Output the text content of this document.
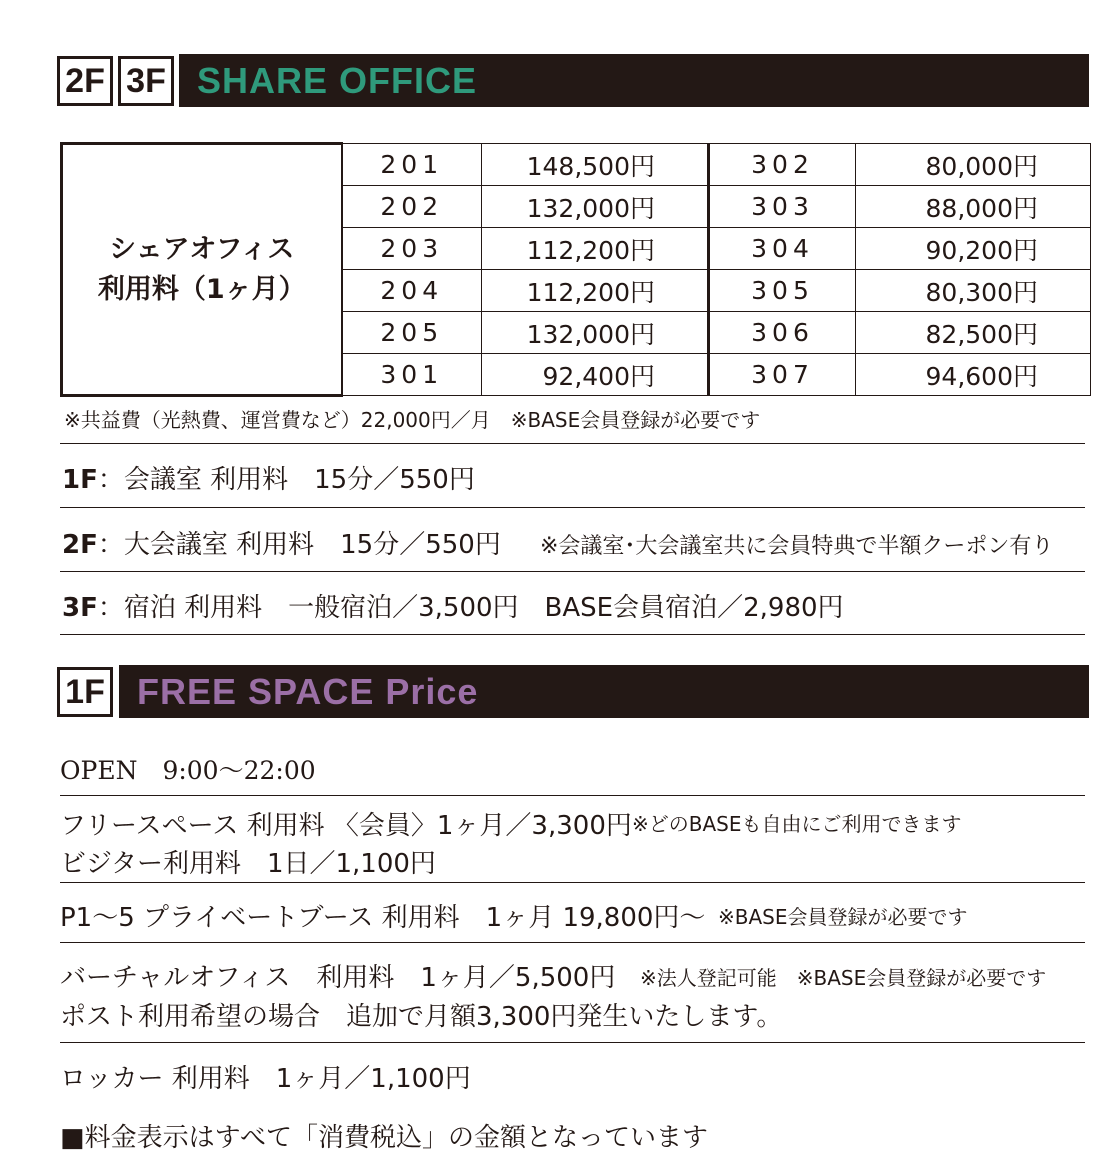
2F 3F SHARE OFFICE
シェアオフィス
利用料（1ヶ月）	201	148,500円	302	80,000円
	202	132,000円	303	88,000円
	203	112,200円	304	90,200円
	204	112,200円	305	80,300円
	205	132,000円	306	82,500円
	301	92,400円	307	94,600円
※共益費（光熱費、運営費など）22,000円／月　※BASE会員登録が必要です
1F：会議室 利用料　15分／550円
2F：大会議室 利用料　15分／550円 ※会議室･大会議室共に会員特典で半額クーポン有り
3F：宿泊 利用料　一般宿泊／3,500円　BASE会員宿泊／2,980円
1F FREE SPACE Price
OPEN　9:00〜22:00
フリースペース 利用料 〈会員〉1ヶ月／3,300円 ※どのBASEも自由にご利用できます
ビジター利用料　1日／1,100円
P1〜5 プライベートブース 利用料　1ヶ月 19,800円〜 ※BASE会員登録が必要です
バーチャルオフィス　利用料　1ヶ月／5,500円 ※法人登記可能　※BASE会員登録が必要です
ポスト利用希望の場合　追加で月額3,300円発生いたします。
ロッカー 利用料　1ヶ月／1,100円
■料金表示はすべて「消費税込」の金額となっています
